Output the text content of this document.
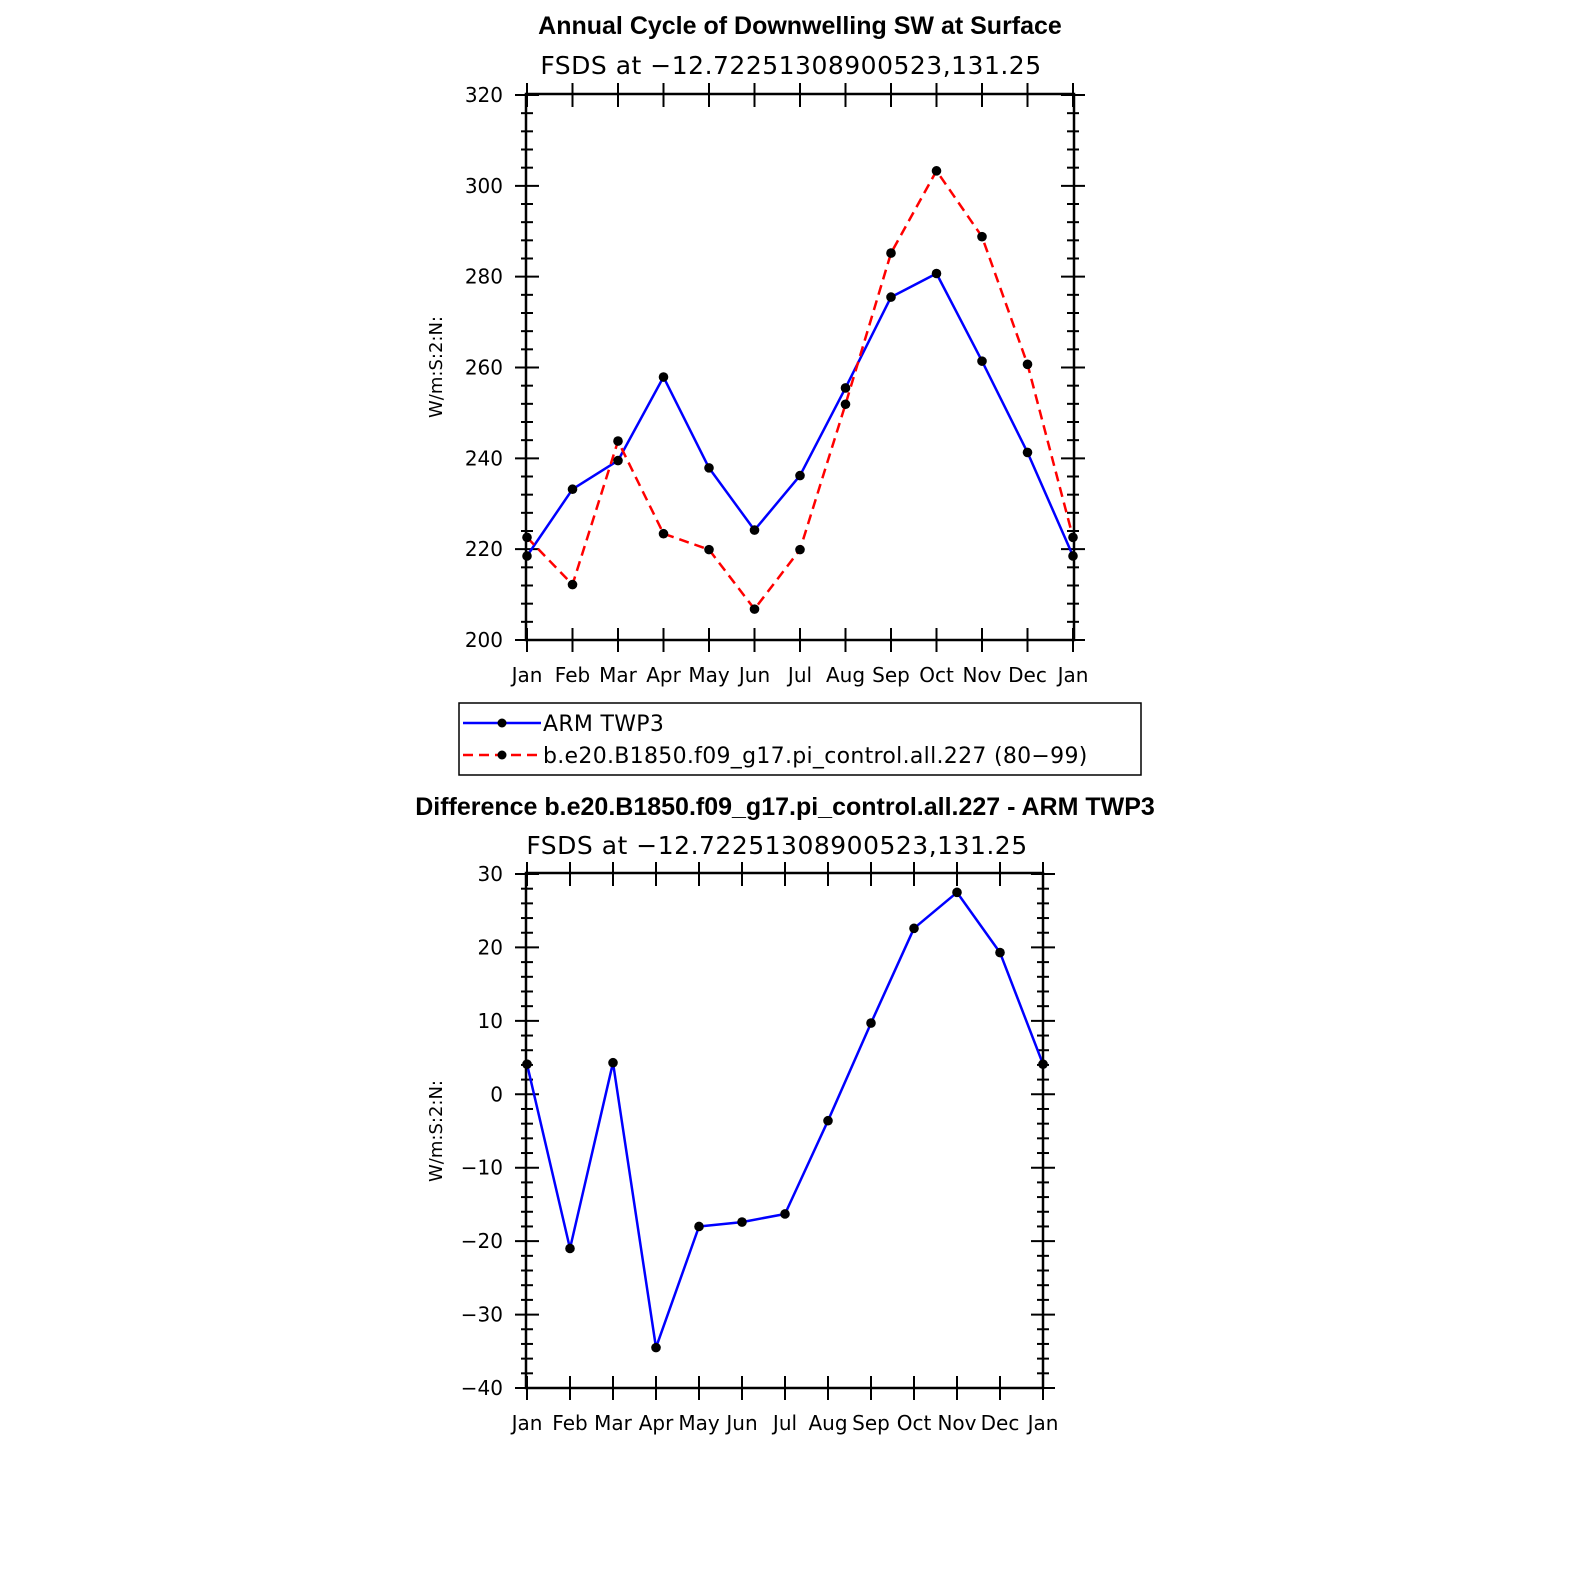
Annual Cycle of Downwelling SW at Surface
FSDS at −12.72251308900523,131.25
W/m:S:2:N:
200
220
240
260
280
300
320
Jan Feb Mar Apr May Jun Jul Aug Sep Oct Nov Dec Jan
ARM TWP3
b.e20.B1850.f09_g17.pi_control.all.227 (80−99)
Difference b.e20.B1850.f09_g17.pi_control.all.227 - ARM TWP3
FSDS at −12.72251308900523,131.25
W/m:S:2:N:
−40
−30
−20
−10
0
10
20
30
Jan Feb Mar Apr May Jun Jul Aug Sep Oct Nov Dec Jan
